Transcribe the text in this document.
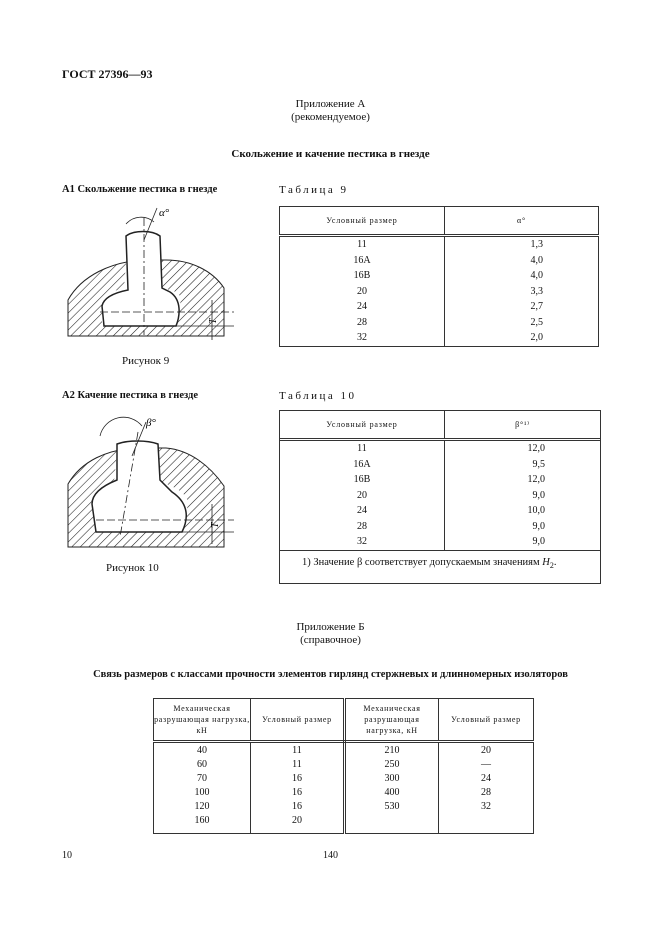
ГОСТ 27396—93
Приложение А
(рекомендуемое)
Скольжение и качение пестика в гнезде
А1 Скольжение пестика в гнезде	Таблица 9
α°
T
Рисунок 9
Условный размер	α°
11	1,3
16А	4,0
16В	4,0
20	3,3
24	2,7
28	2,5
32	2,0
А2 Качение пестика в гнезде	Таблица 10
β°
T
Рисунок 10
Условный размер	β°¹⁾
11	12,0
16А	9,5
16В	12,0
20	9,0
24	10,0
28	9,0
32	9,0
1) Значение β соответствует допускаемым значениям $H_2$.
Приложение Б
(справочное)
Связь размеров с классами прочности элементов гирлянд стержневых и длинномерных изоляторов
Механическая разрушающая нагрузка, кН	Условный размер	Механическая разрушающая нагрузка, кН	Условный размер
40	11	210	20
60	11	250	—
70	16	300	24
100	16	400	28
120	16	530	32
160	20		
10	140
